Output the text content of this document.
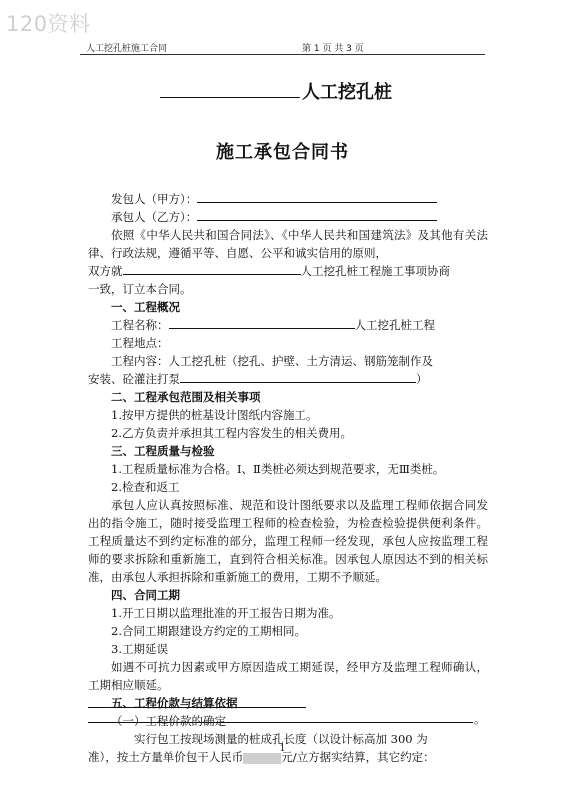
120资料
人工挖孔桩施工合同	第 1 页 共 3 页
人工挖孔桩
施工承包合同书
发包人（甲方）：
承包人（乙方）：
依照《中华人民共和国合同法》、《中华人民共和国建筑法》及其他有关法律、行政法规，遵循平等、自愿、公平和诚实信用的原则，
双方就	人工挖孔桩工程施工事项协商
一致，订立本合同。
一、工程概况
工程名称：	人工挖孔桩工程
工程地点：
工程内容：人工挖孔桩（挖孔、护壁、土方清运、钢筋笼制作及
安装、砼灌注打泵	）
二、工程承包范围及相关事项
1.按甲方提供的桩基设计图纸内容施工。
2.乙方负责并承担其工程内容发生的相关费用。
三、工程质量与检验
1.工程质量标准为合格。Ⅰ、Ⅱ类桩必须达到规范要求，无Ⅲ类桩。
2.检查和返工
承包人应认真按照标准、规范和设计图纸要求以及监理工程师依据合同发出的指令施工，随时接受监理工程师的检查检验，为检查检验提供便利条件。工程质量达不到约定标准的部分，监理工程师一经发现，承包人应按监理工程师的要求拆除和重新施工，直到符合相关标准。因承包人原因达不到的相关标准，由承包人承担拆除和重新施工的费用，工期不予顺延。
四、合同工期
1.开工日期以监理批准的开工报告日期为准。
2.合同工期跟建设方约定的工期相同。
3.工期延误
如遇不可抗力因素或甲方原因造成工期延误，经甲方及监理工程师确认，工期相应顺延。
五、工程价款与结算依据
（一）工程价款的确定
实行包工按现场测量的桩成孔长度（以设计标高加 300 为
准），按土方量单价包干人民币	元/立方据实结算，其它约定：
。
1
